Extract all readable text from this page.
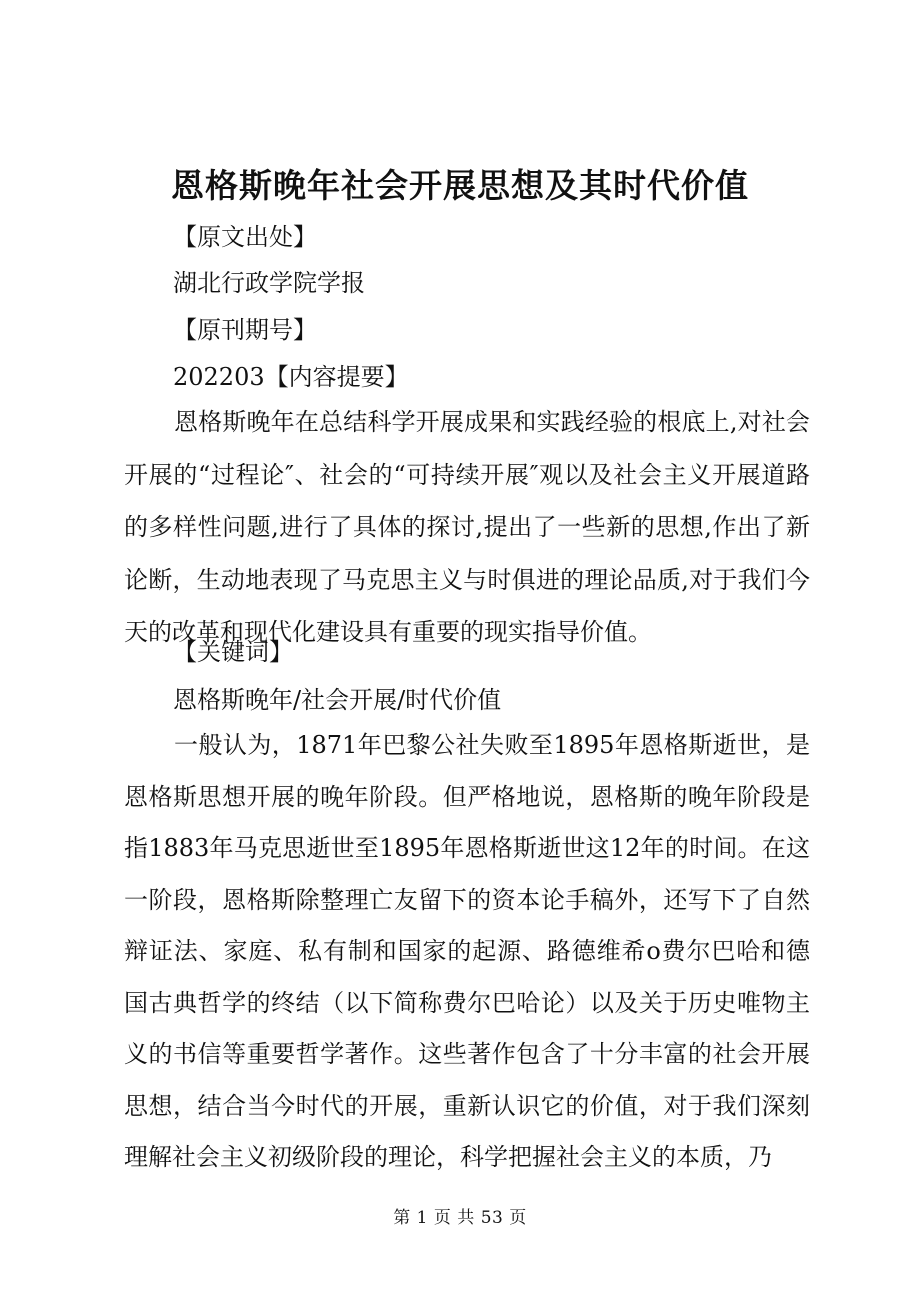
恩格斯晚年社会开展思想及其时代价值
【原文出处】
湖北行政学院学报
【原刊期号】
202203【内容提要】

恩格斯晚年在总结科学开展成果和实践经验的根底上,对社会开展的“过程论″、社会的“可持续开展″观以及社会主义开展道路的多样性问题,进行了具体的探讨,提出了一些新的思想,作出了新论断，生动地表现了马克思主义与时俱进的理论品质,对于我们今天的改革和现代化建设具有重要的现实指导价值。

【关键词】
恩格斯晚年/社会开展/时代价值

一般认为，1871年巴黎公社失败至1895年恩格斯逝世，是恩格斯思想开展的晚年阶段。但严格地说，恩格斯的晚年阶段是指1883年马克思逝世至1895年恩格斯逝世这12年的时间。在这一阶段，恩格斯除整理亡友留下的资本论手稿外，还写下了自然辩证法、家庭、私有制和国家的起源、路德维希o费尔巴哈和德国古典哲学的终结（以下简称费尔巴哈论）以及关于历史唯物主义的书信等重要哲学著作。这些著作包含了十分丰富的社会开展思想，结合当今时代的开展，重新认识它的价值，对于我们深刻理解社会主义初级阶段的理论，科学把握社会主义的本质，乃

第 1 页 共 53 页
